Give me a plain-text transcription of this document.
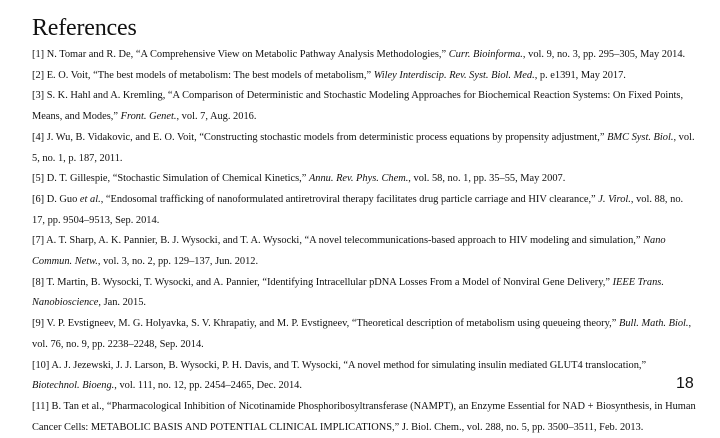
References
[1] N. Tomar and R. De, “A Comprehensive View on Metabolic Pathway Analysis Methodologies,” Curr. Bioinforma., vol. 9, no. 3, pp. 295–305, May 2014.
[2] E. O. Voit, “The best models of metabolism: The best models of metabolism,” Wiley Interdiscip. Rev. Syst. Biol. Med., p. e1391, May 2017.
[3] S. K. Hahl and A. Kremling, “A Comparison of Deterministic and Stochastic Modeling Approaches for Biochemical Reaction Systems: On Fixed Points, Means, and Modes,” Front. Genet., vol. 7, Aug. 2016.
[4] J. Wu, B. Vidakovic, and E. O. Voit, “Constructing stochastic models from deterministic process equations by propensity adjustment,” BMC Syst. Biol., vol. 5, no. 1, p. 187, 2011.
[5] D. T. Gillespie, “Stochastic Simulation of Chemical Kinetics,” Annu. Rev. Phys. Chem., vol. 58, no. 1, pp. 35–55, May 2007.
[6] D. Guo et al., “Endosomal trafficking of nanoformulated antiretroviral therapy facilitates drug particle carriage and HIV clearance,” J. Virol., vol. 88, no. 17, pp. 9504–9513, Sep. 2014.
[7] A. T. Sharp, A. K. Pannier, B. J. Wysocki, and T. A. Wysocki, “A novel telecommunications-based approach to HIV modeling and simulation,” Nano Commun. Netw., vol. 3, no. 2, pp. 129–137, Jun. 2012.
[8] T. Martin, B. Wysocki, T. Wysocki, and A. Pannier, “Identifying Intracellular pDNA Losses From a Model of Nonviral Gene Delivery,” IEEE Trans. Nanobioscience, Jan. 2015.
[9] V. P. Evstigneev, M. G. Holyavka, S. V. Khrapatiy, and M. P. Evstigneev, “Theoretical description of metabolism using queueing theory,” Bull. Math. Biol., vol. 76, no. 9, pp. 2238–2248, Sep. 2014.
[10] A. J. Jezewski, J. J. Larson, B. Wysocki, P. H. Davis, and T. Wysocki, “A novel method for simulating insulin mediated GLUT4 translocation,” Biotechnol. Bioeng., vol. 111, no. 12, pp. 2454–2465, Dec. 2014.
[11] B. Tan et al., “Pharmacological Inhibition of Nicotinamide Phosphoribosyltransferase (NAMPT), an Enzyme Essential for NAD + Biosynthesis, in Human Cancer Cells: METABOLIC BASIS AND POTENTIAL CLINICAL IMPLICATIONS,” J. Biol. Chem., vol. 288, no. 5, pp. 3500–3511, Feb. 2013.
18
